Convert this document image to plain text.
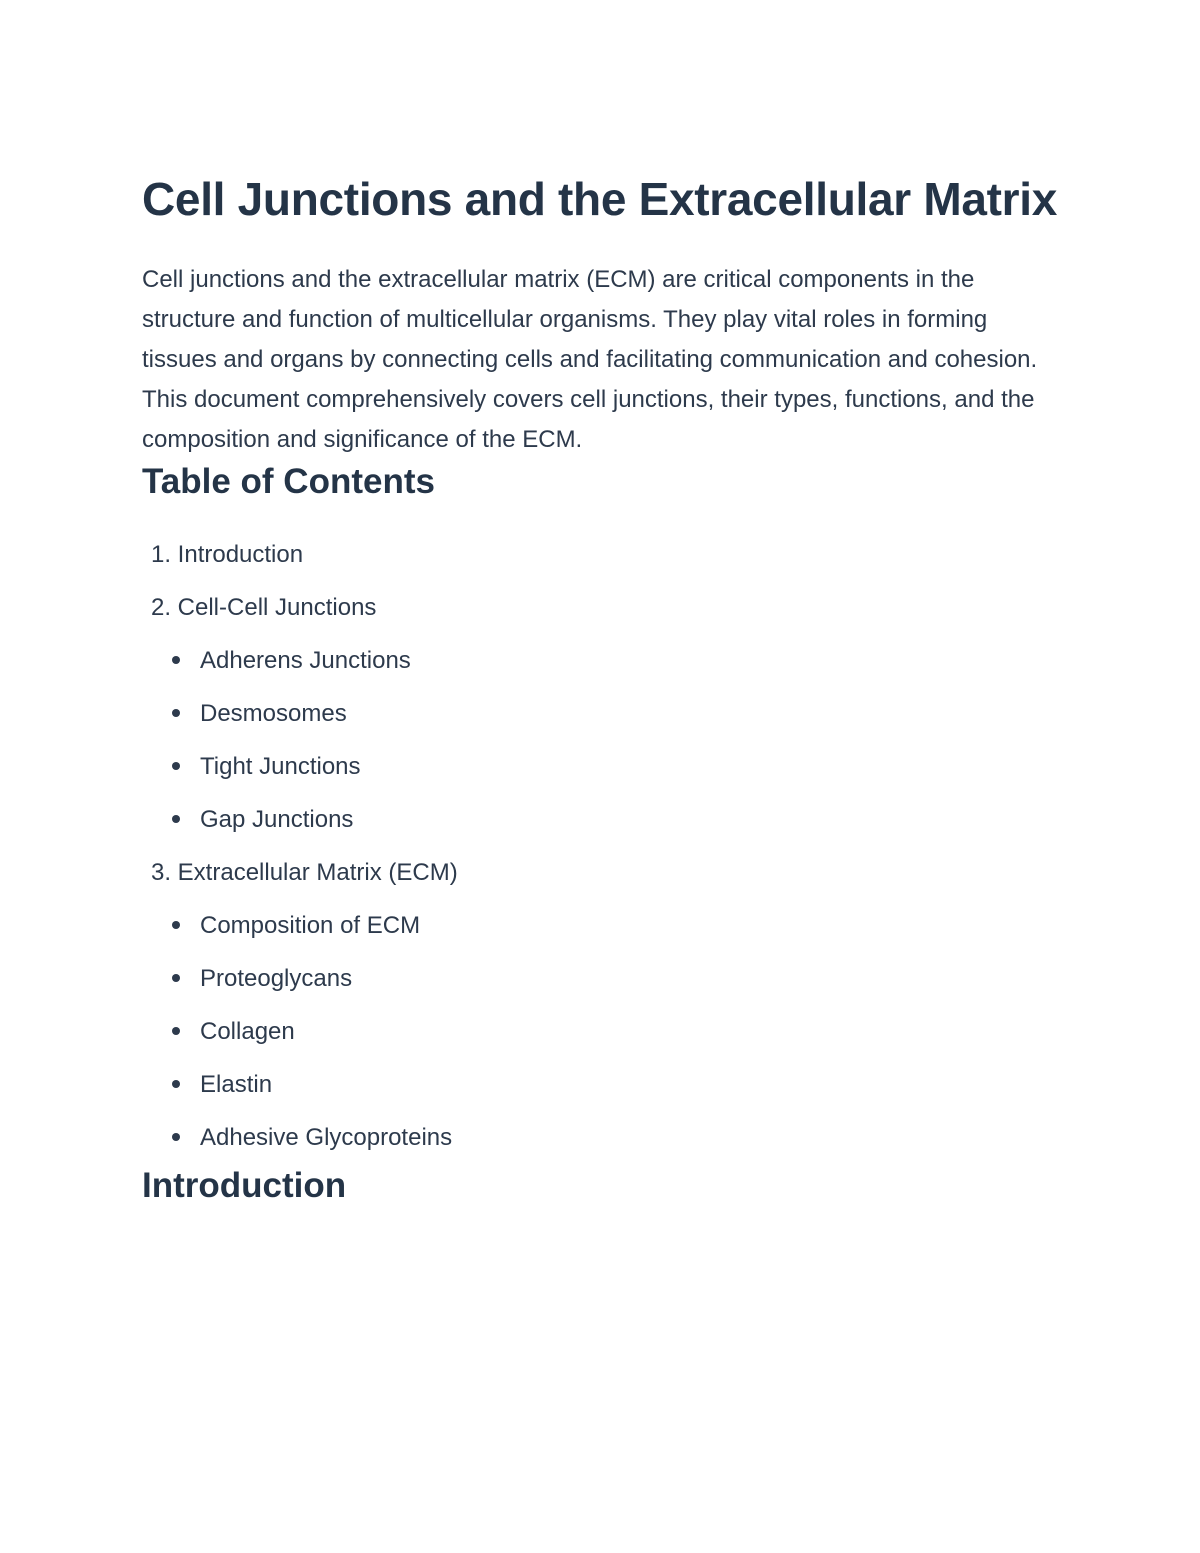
Cell Junctions and the Extracellular Matrix

Cell junctions and the extracellular matrix (ECM) are critical components in the structure and function of multicellular organisms. They play vital roles in forming tissues and organs by connecting cells and facilitating communication and cohesion. This document comprehensively covers cell junctions, their types, functions, and the composition and significance of the ECM.

Table of Contents
1. Introduction
2. Cell-Cell Junctions
Adherens Junctions
Desmosomes
Tight Junctions
Gap Junctions
3. Extracellular Matrix (ECM)
Composition of ECM
Proteoglycans
Collagen
Elastin
Adhesive Glycoproteins
Introduction
